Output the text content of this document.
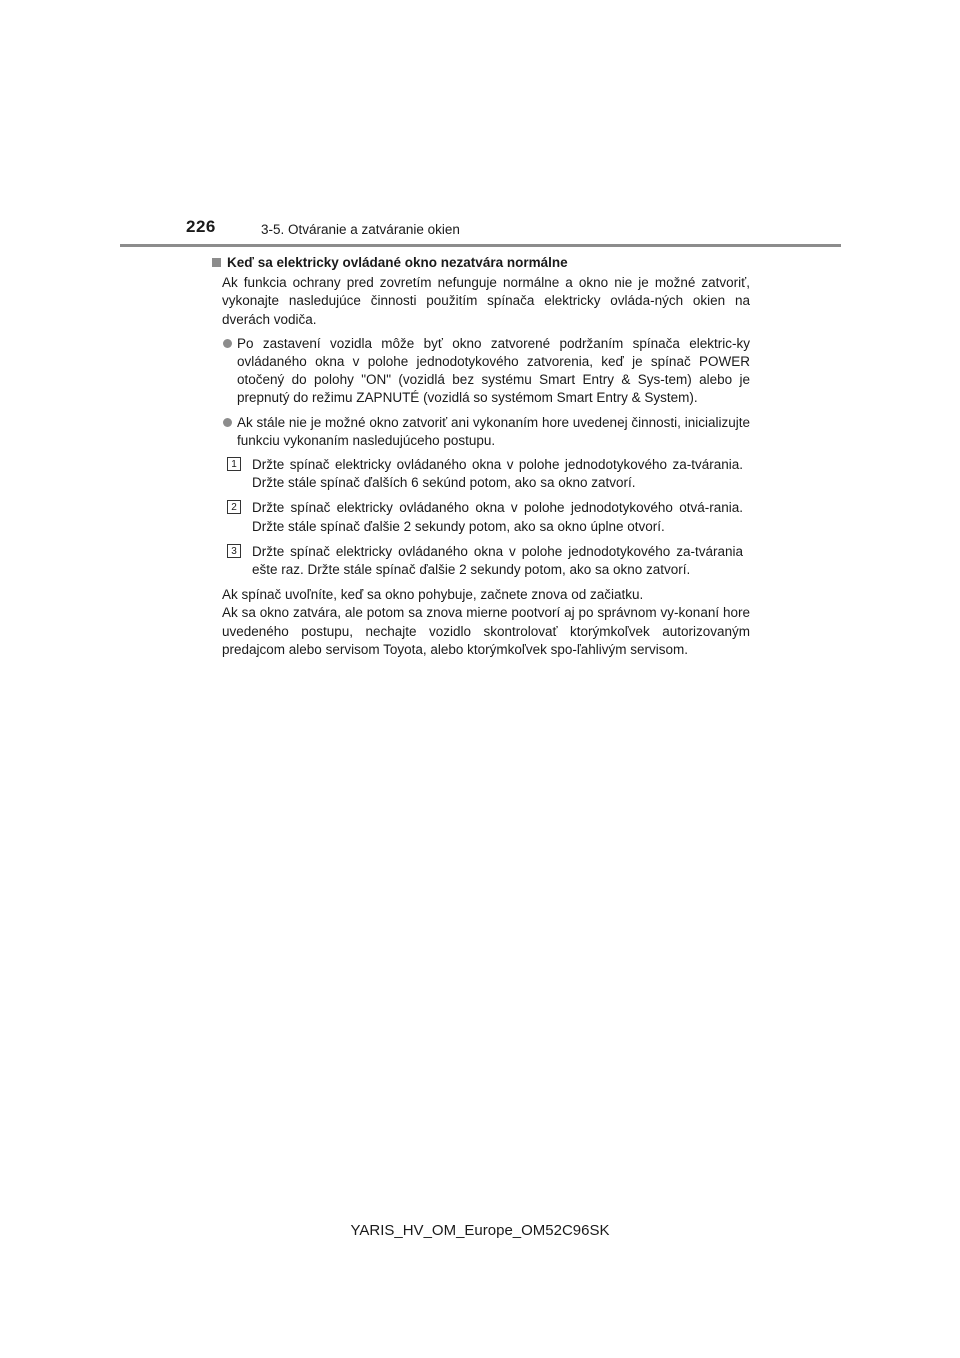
226	3-5. Otváranie a zatváranie okien
Keď sa elektricky ovládané okno nezatvára normálne
Ak funkcia ochrany pred zovretím nefunguje normálne a okno nie je možné zatvoriť, vykonajte nasledujúce činnosti použitím spínača elektricky ovláda-ných okien na dverách vodiča.
Po zastavení vozidla môže byť okno zatvorené podržaním spínača elektric-ky ovládaného okna v polohe jednodotykového zatvorenia, keď je spínač POWER otočený do polohy "ON" (vozidlá bez systému Smart Entry & Sys-tem) alebo je prepnutý do režimu ZAPNUTÉ (vozidlá so systémom Smart Entry & System).
Ak stále nie je možné okno zatvoriť ani vykonaním hore uvedenej činnosti, inicializujte funkciu vykonaním nasledujúceho postupu.
1	Držte spínač elektricky ovládaného okna v polohe jednodotykového za-tvárania. Držte stále spínač ďalších 6 sekúnd potom, ako sa okno zatvorí.
2	Držte spínač elektricky ovládaného okna v polohe jednodotykového otvá-rania. Držte stále spínač ďalšie 2 sekundy potom, ako sa okno úplne otvorí.
3	Držte spínač elektricky ovládaného okna v polohe jednodotykového za-tvárania ešte raz. Držte stále spínač ďalšie 2 sekundy potom, ako sa okno zatvorí.
Ak spínač uvoľníte, keď sa okno pohybuje, začnete znova od začiatku.
Ak sa okno zatvára, ale potom sa znova mierne pootvorí aj po správnom vy-konaní hore uvedeného postupu, nechajte vozidlo skontrolovať ktorýmkoľvek autorizovaným predajcom alebo servisom Toyota, alebo ktorýmkoľvek spo-ľahlivým servisom.
YARIS_HV_OM_Europe_OM52C96SK
